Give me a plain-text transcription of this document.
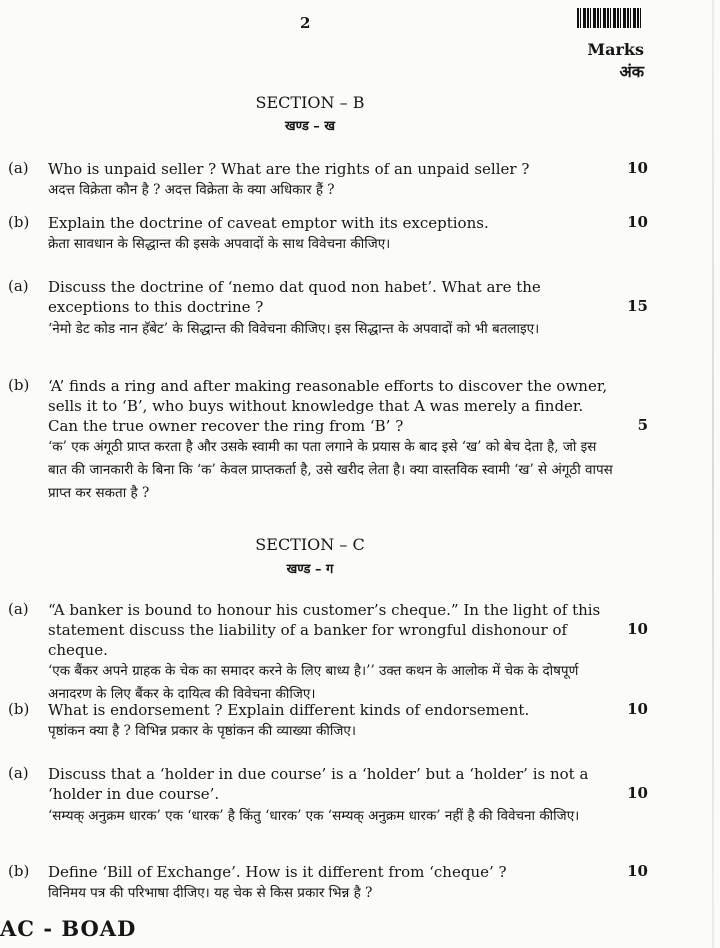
2
Marks
अंक
SECTION – B
खण्ड – ख
(a) Who is unpaid seller ? What are the rights of an unpaid seller ?

अदत्त विक्रेता कौन है ? अदत्त विक्रेता के क्या अधिकार हैं ?

10
(b) Explain the doctrine of caveat emptor with its exceptions.

क्रेता सावधान के सिद्धान्त की इसके अपवादों के साथ विवेचना कीजिए।

10
(a) Discuss the doctrine of ‘nemo dat quod non habet’. What are the exceptions to this doctrine ?

‘नेमो डेट कोड नान हॅबेट’ के सिद्धान्त की विवेचना कीजिए। इस सिद्धान्त के अपवादों को भी बतलाइए।

15
(b) ‘A’ finds a ring and after making reasonable efforts to discover the owner, sells it to ‘B’, who buys without knowledge that A was merely a finder. Can the true owner recover the ring from ‘B’ ?

‘क’ एक अंगूठी प्राप्त करता है और उसके स्वामी का पता लगाने के प्रयास के बाद इसे ‘ख’ को बेच देता है, जो इस बात की जानकारी के बिना कि ‘क’ केवल प्राप्तकर्ता है, उसे खरीद लेता है। क्या वास्तविक स्वामी ‘ख’ से अंगूठी वापस प्राप्त कर सकता है ?

5
SECTION – C
खण्ड – ग
(a) “A banker is bound to honour his customer’s cheque.” In the light of this statement discuss the liability of a banker for wrongful dishonour of cheque.

‘एक बैंकर अपने ग्राहक के चेक का समादर करने के लिए बाध्य है।’’ उक्त कथन के आलोक में चेक के दोषपूर्ण अनादरण के लिए बैंकर के दायित्व की विवेचना कीजिए।

10
(b) What is endorsement ? Explain different kinds of endorsement.

पृष्ठांकन क्या है ? विभिन्न प्रकार के पृष्ठांकन की व्याख्या कीजिए।

10
(a) Discuss that a ‘holder in due course’ is a ‘holder’ but a ‘holder’ is not a ‘holder in due course’.

‘सम्यक् अनुक्रम धारक’ एक ‘धारक’ है किंतु ‘धारक’ एक ‘सम्यक् अनुक्रम धारक’ नहीं है की विवेचना कीजिए।

10
(b) Define ‘Bill of Exchange’. How is it different from ‘cheque’ ?

विनिमय पत्र की परिभाषा दीजिए। यह चेक से किस प्रकार भिन्न है ?

10
AC - BOAD
